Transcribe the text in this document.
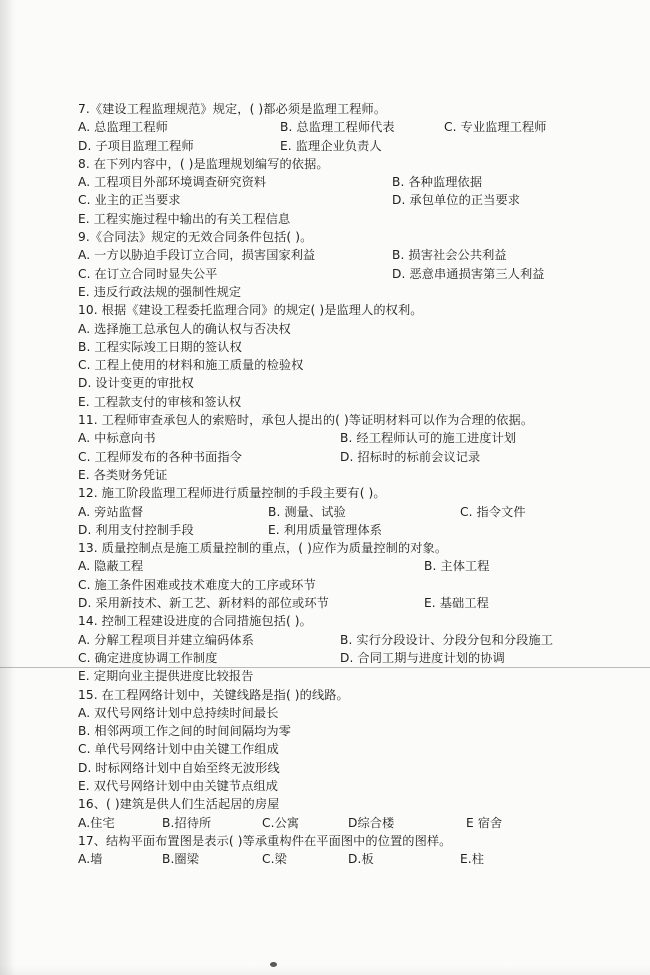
7.《建设工程监理规范》规定，( )都必须是监理工程师。
A. 总监理工程师	B. 总监理工程师代表	C. 专业监理工程师
D. 子项目监理工程师	E. 监理企业负责人
8. 在下列内容中，( )是监理规划编写的依据。
A. 工程项目外部环境调查研究资料	B. 各种监理依据
C. 业主的正当要求	D. 承包单位的正当要求
E. 工程实施过程中输出的有关工程信息
9.《合同法》规定的无效合同条件包括( )。
A. 一方以胁迫手段订立合同，损害国家利益	B. 损害社会公共利益
C. 在订立合同时显失公平	D. 恶意串通损害第三人利益
E. 违反行政法规的强制性规定
10. 根据《建设工程委托监理合同》的规定( )是监理人的权利。
A. 选择施工总承包人的确认权与否决权
B. 工程实际竣工日期的签认权
C. 工程上使用的材料和施工质量的检验权
D. 设计变更的审批权
E. 工程款支付的审核和签认权
11. 工程师审查承包人的索赔时，承包人提出的( )等证明材料可以作为合理的依据。
A. 中标意向书	B. 经工程师认可的施工进度计划
C. 工程师发布的各种书面指令	D. 招标时的标前会议记录
E. 各类财务凭证
12. 施工阶段监理工程师进行质量控制的手段主要有( )。
A. 旁站监督	B. 测量、试验	C. 指令文件
D. 利用支付控制手段	E. 利用质量管理体系
13. 质量控制点是施工质量控制的重点，( )应作为质量控制的对象。
A. 隐蔽工程	B. 主体工程
C. 施工条件困难或技术难度大的工序或环节
D. 采用新技术、新工艺、新材料的部位或环节	E. 基础工程
14. 控制工程建设进度的合同措施包括( )。
A. 分解工程项目并建立编码体系	B. 实行分段设计、分段分包和分段施工
C. 确定进度协调工作制度	D. 合同工期与进度计划的协调
E. 定期向业主提供进度比较报告
15. 在工程网络计划中，关键线路是指( )的线路。
A. 双代号网络计划中总持续时间最长
B. 相邻两项工作之间的时间间隔均为零
C. 单代号网络计划中由关键工作组成
D. 时标网络计划中自始至终无波形线
E. 双代号网络计划中由关键节点组成
16、( )建筑是供人们生活起居的房屋
A.住宅	B.招待所	C.公寓	D综合楼	E 宿舍
17、结构平面布置图是表示( )等承重构件在平面图中的位置的图样。
A.墙	B.圈梁	C.梁	D.板	E.柱
